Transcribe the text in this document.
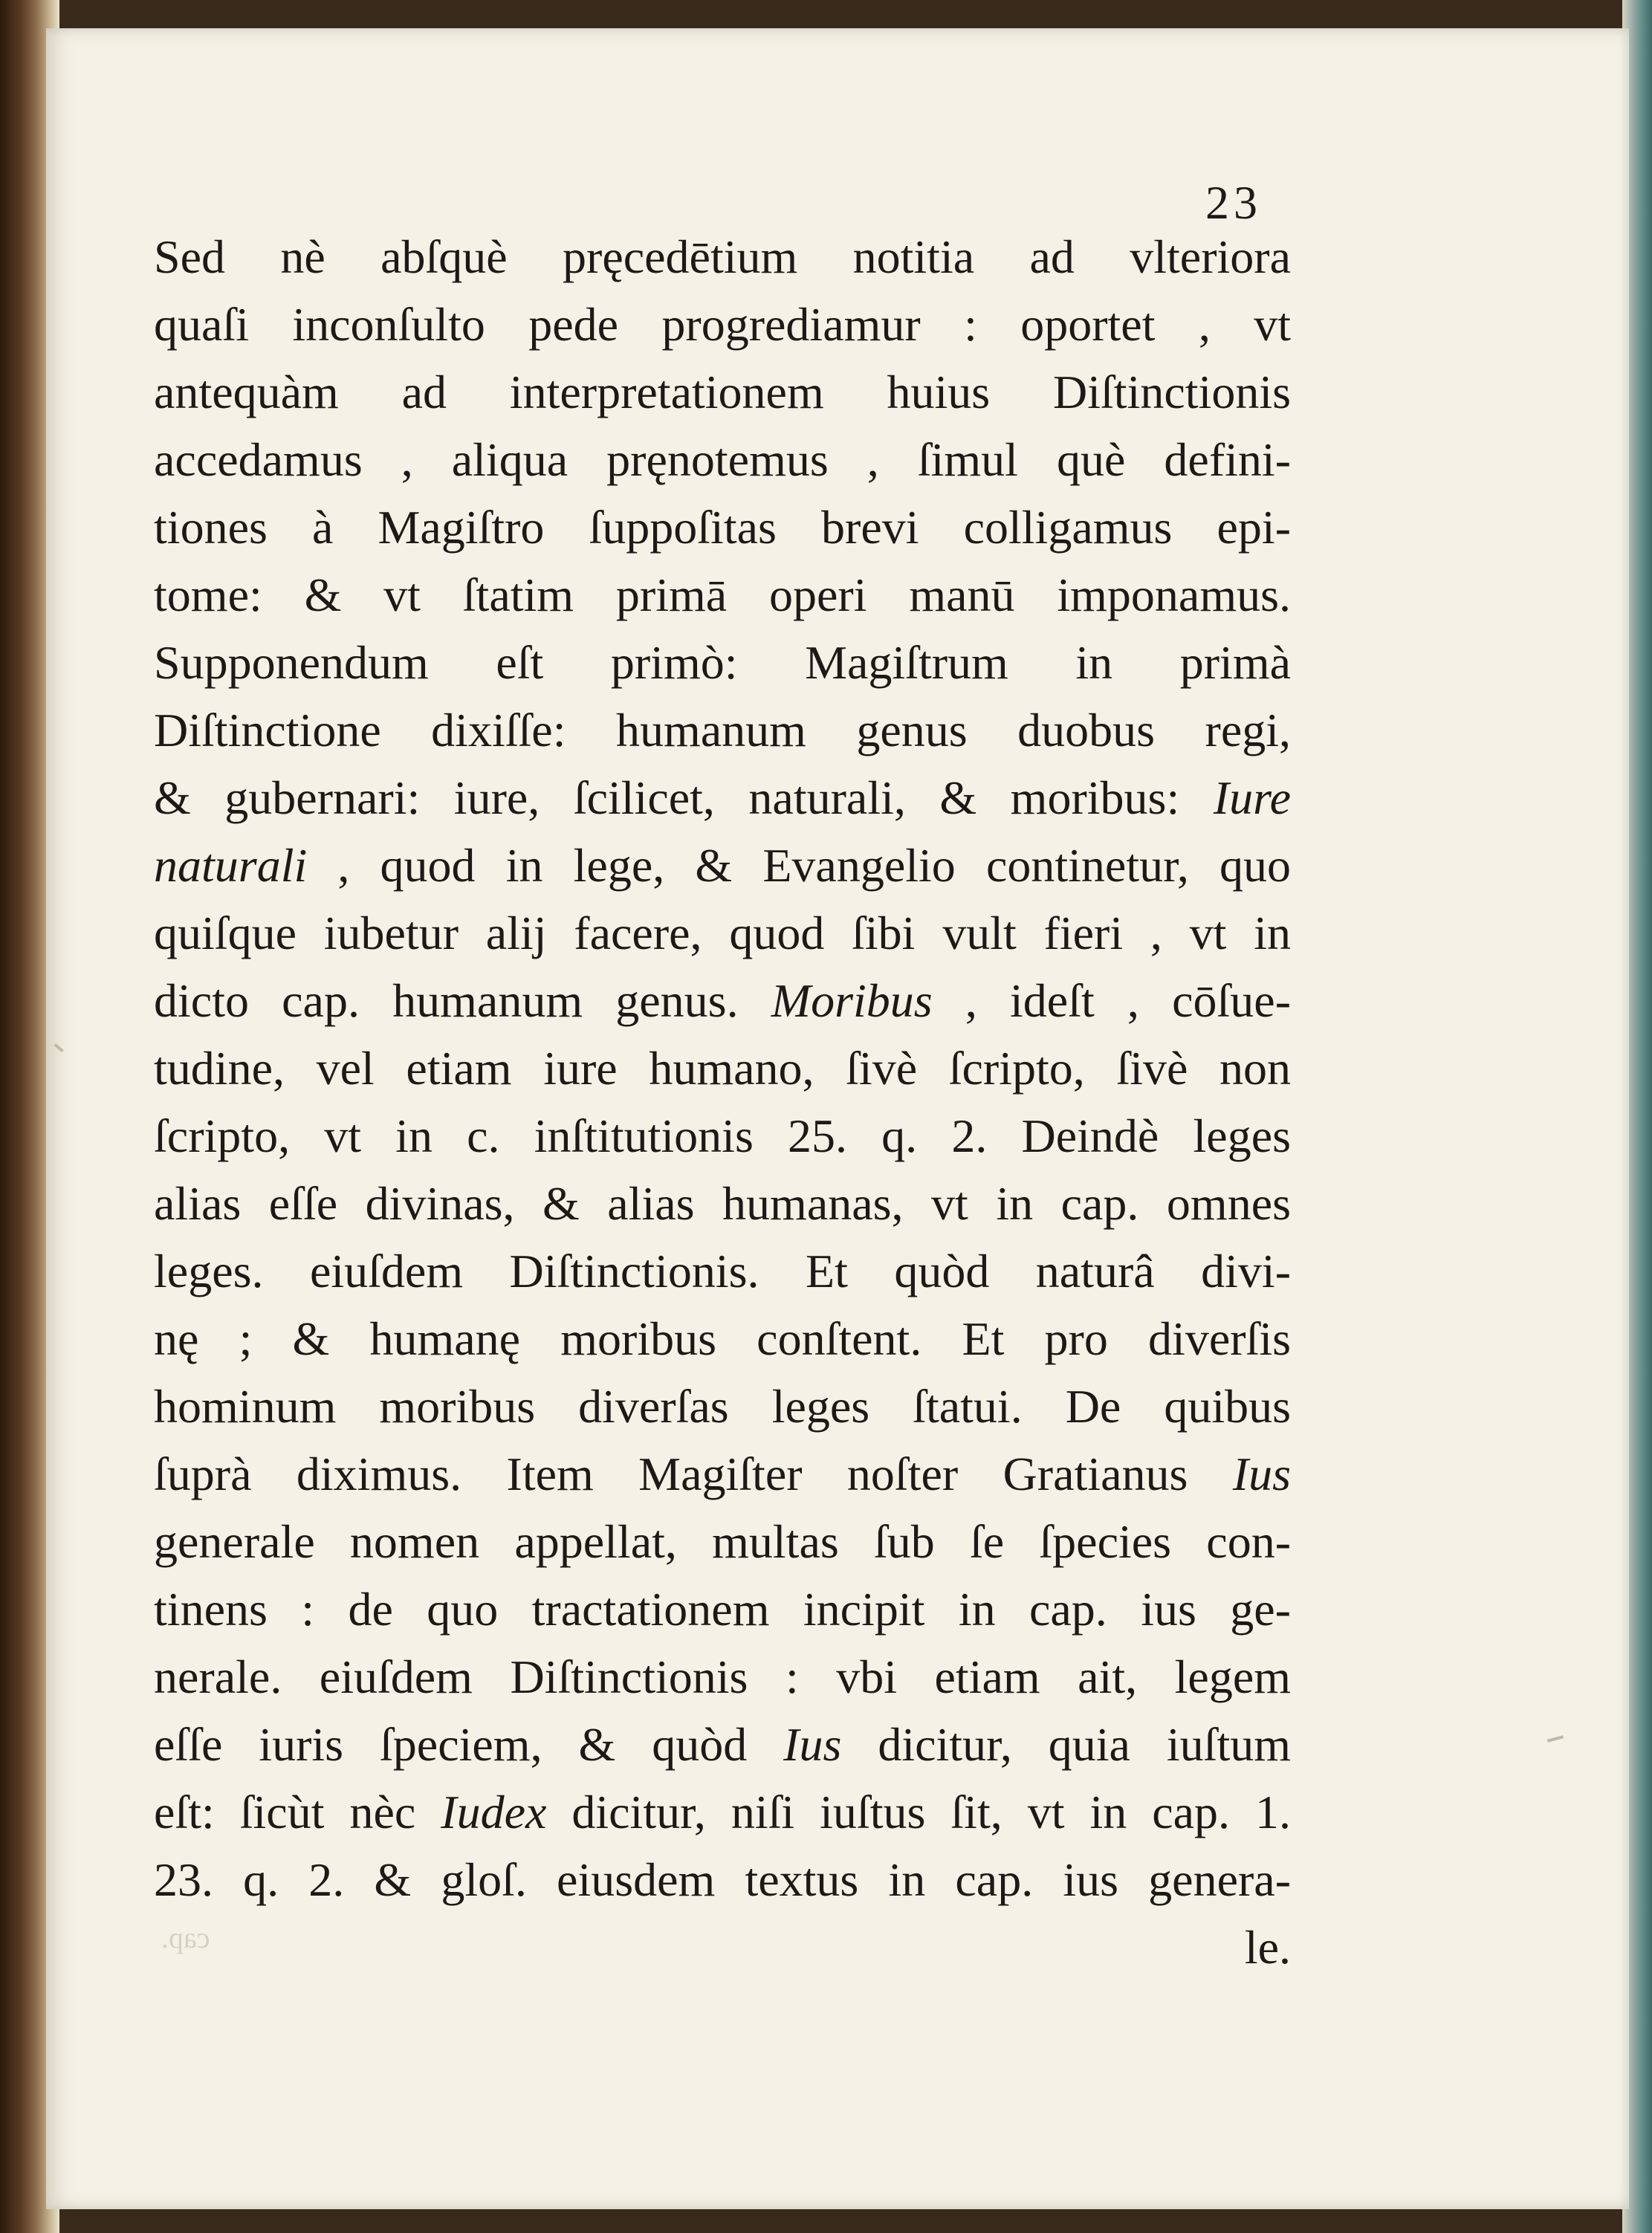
23

Sed nè abſquè pręcedētium notitia ad vlteriora
quaſi inconſulto pede progrediamur : oportet , vt
antequàm ad interpretationem huius Diſtinctionis
accedamus , aliqua pręnotemus , ſimul què defini-
tiones à Magiſtro ſuppoſitas brevi colligamus epi-
tome: & vt ſtatim primā operi manū imponamus.
Supponendum eſt primò: Magiſtrum in primà
Diſtinctione dixiſſe: humanum genus duobus regi,
& gubernari: iure, ſcilicet, naturali, & moribus: Iure
naturali , quod in lege, & Evangelio continetur, quo
quiſque iubetur alij facere, quod ſibi vult fieri , vt in
dicto cap. humanum genus. Moribus , ideſt , cōſue-
tudine, vel etiam iure humano, ſivè ſcripto, ſivè non
ſcripto, vt in c. inſtitutionis 25. q. 2. Deindè leges
alias eſſe divinas, & alias humanas, vt in cap. omnes
leges. eiuſdem Diſtinctionis. Et quòd naturâ divi-
nę ; & humanę moribus conſtent. Et pro diverſis
hominum moribus diverſas leges ſtatui. De quibus
ſuprà diximus. Item Magiſter noſter Gratianus Ius
generale nomen appellat, multas ſub ſe ſpecies con-
tinens : de quo tractationem incipit in cap. ius ge-
nerale. eiuſdem Diſtinctionis : vbi etiam ait, legem
eſſe iuris ſpeciem, & quòd Ius dicitur, quia iuſtum
eſt: ſicùt nèc Iudex dicitur, niſi iuſtus ſit, vt in cap. 1.
23. q. 2. & gloſ. eiusdem textus in cap. ius genera-
le.
cap.
